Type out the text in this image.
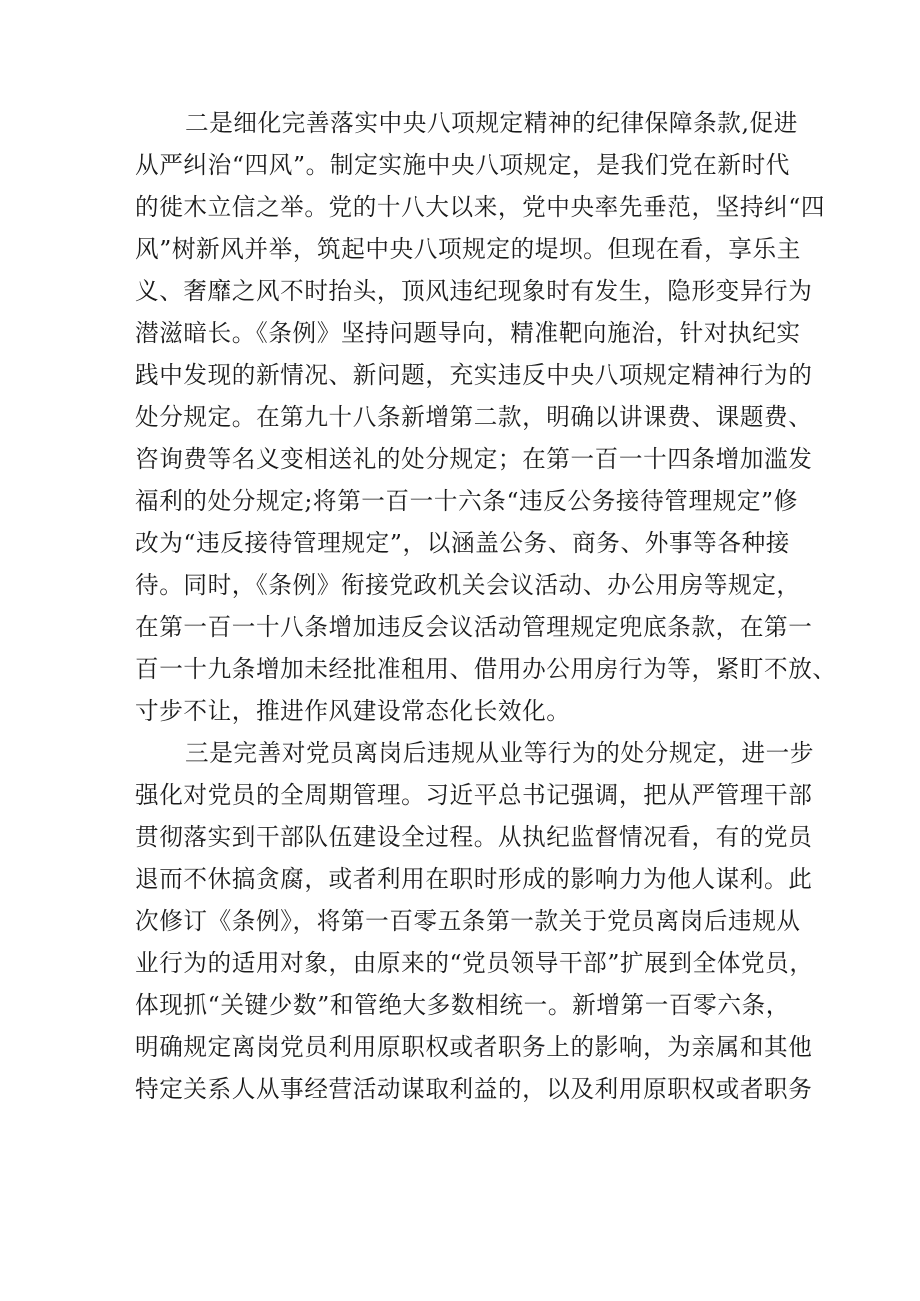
二是细化完善落实中央八项规定精神的纪律保障条款,促进
从严纠治“四风”。制定实施中央八项规定，是我们党在新时代
的徙木立信之举。党的十八大以来，党中央率先垂范，坚持纠“四
风”树新风并举，筑起中央八项规定的堤坝。但现在看，享乐主
义、奢靡之风不时抬头，顶风违纪现象时有发生，隐形变异行为
潜滋暗长。《条例》坚持问题导向，精准靶向施治，针对执纪实
践中发现的新情况、新问题，充实违反中央八项规定精神行为的
处分规定。在第九十八条新增第二款，明确以讲课费、课题费、
咨询费等名义变相送礼的处分规定；在第一百一十四条增加滥发
福利的处分规定;将第一百一十六条“违反公务接待管理规定”修
改为“违反接待管理规定”，以涵盖公务、商务、外事等各种接
待。同时，《条例》衔接党政机关会议活动、办公用房等规定，
在第一百一十八条增加违反会议活动管理规定兜底条款，在第一
百一十九条增加未经批准租用、借用办公用房行为等，紧盯不放、
寸步不让，推进作风建设常态化长效化。
三是完善对党员离岗后违规从业等行为的处分规定，进一步
强化对党员的全周期管理。习近平总书记强调，把从严管理干部
贯彻落实到干部队伍建设全过程。从执纪监督情况看，有的党员
退而不休搞贪腐，或者利用在职时形成的影响力为他人谋利。此
次修订《条例》，将第一百零五条第一款关于党员离岗后违规从
业行为的适用对象，由原来的“党员领导干部”扩展到全体党员，
体现抓“关键少数”和管绝大多数相统一。新增第一百零六条，
明确规定离岗党员利用原职权或者职务上的影响，为亲属和其他
特定关系人从事经营活动谋取利益的，以及利用原职权或者职务
